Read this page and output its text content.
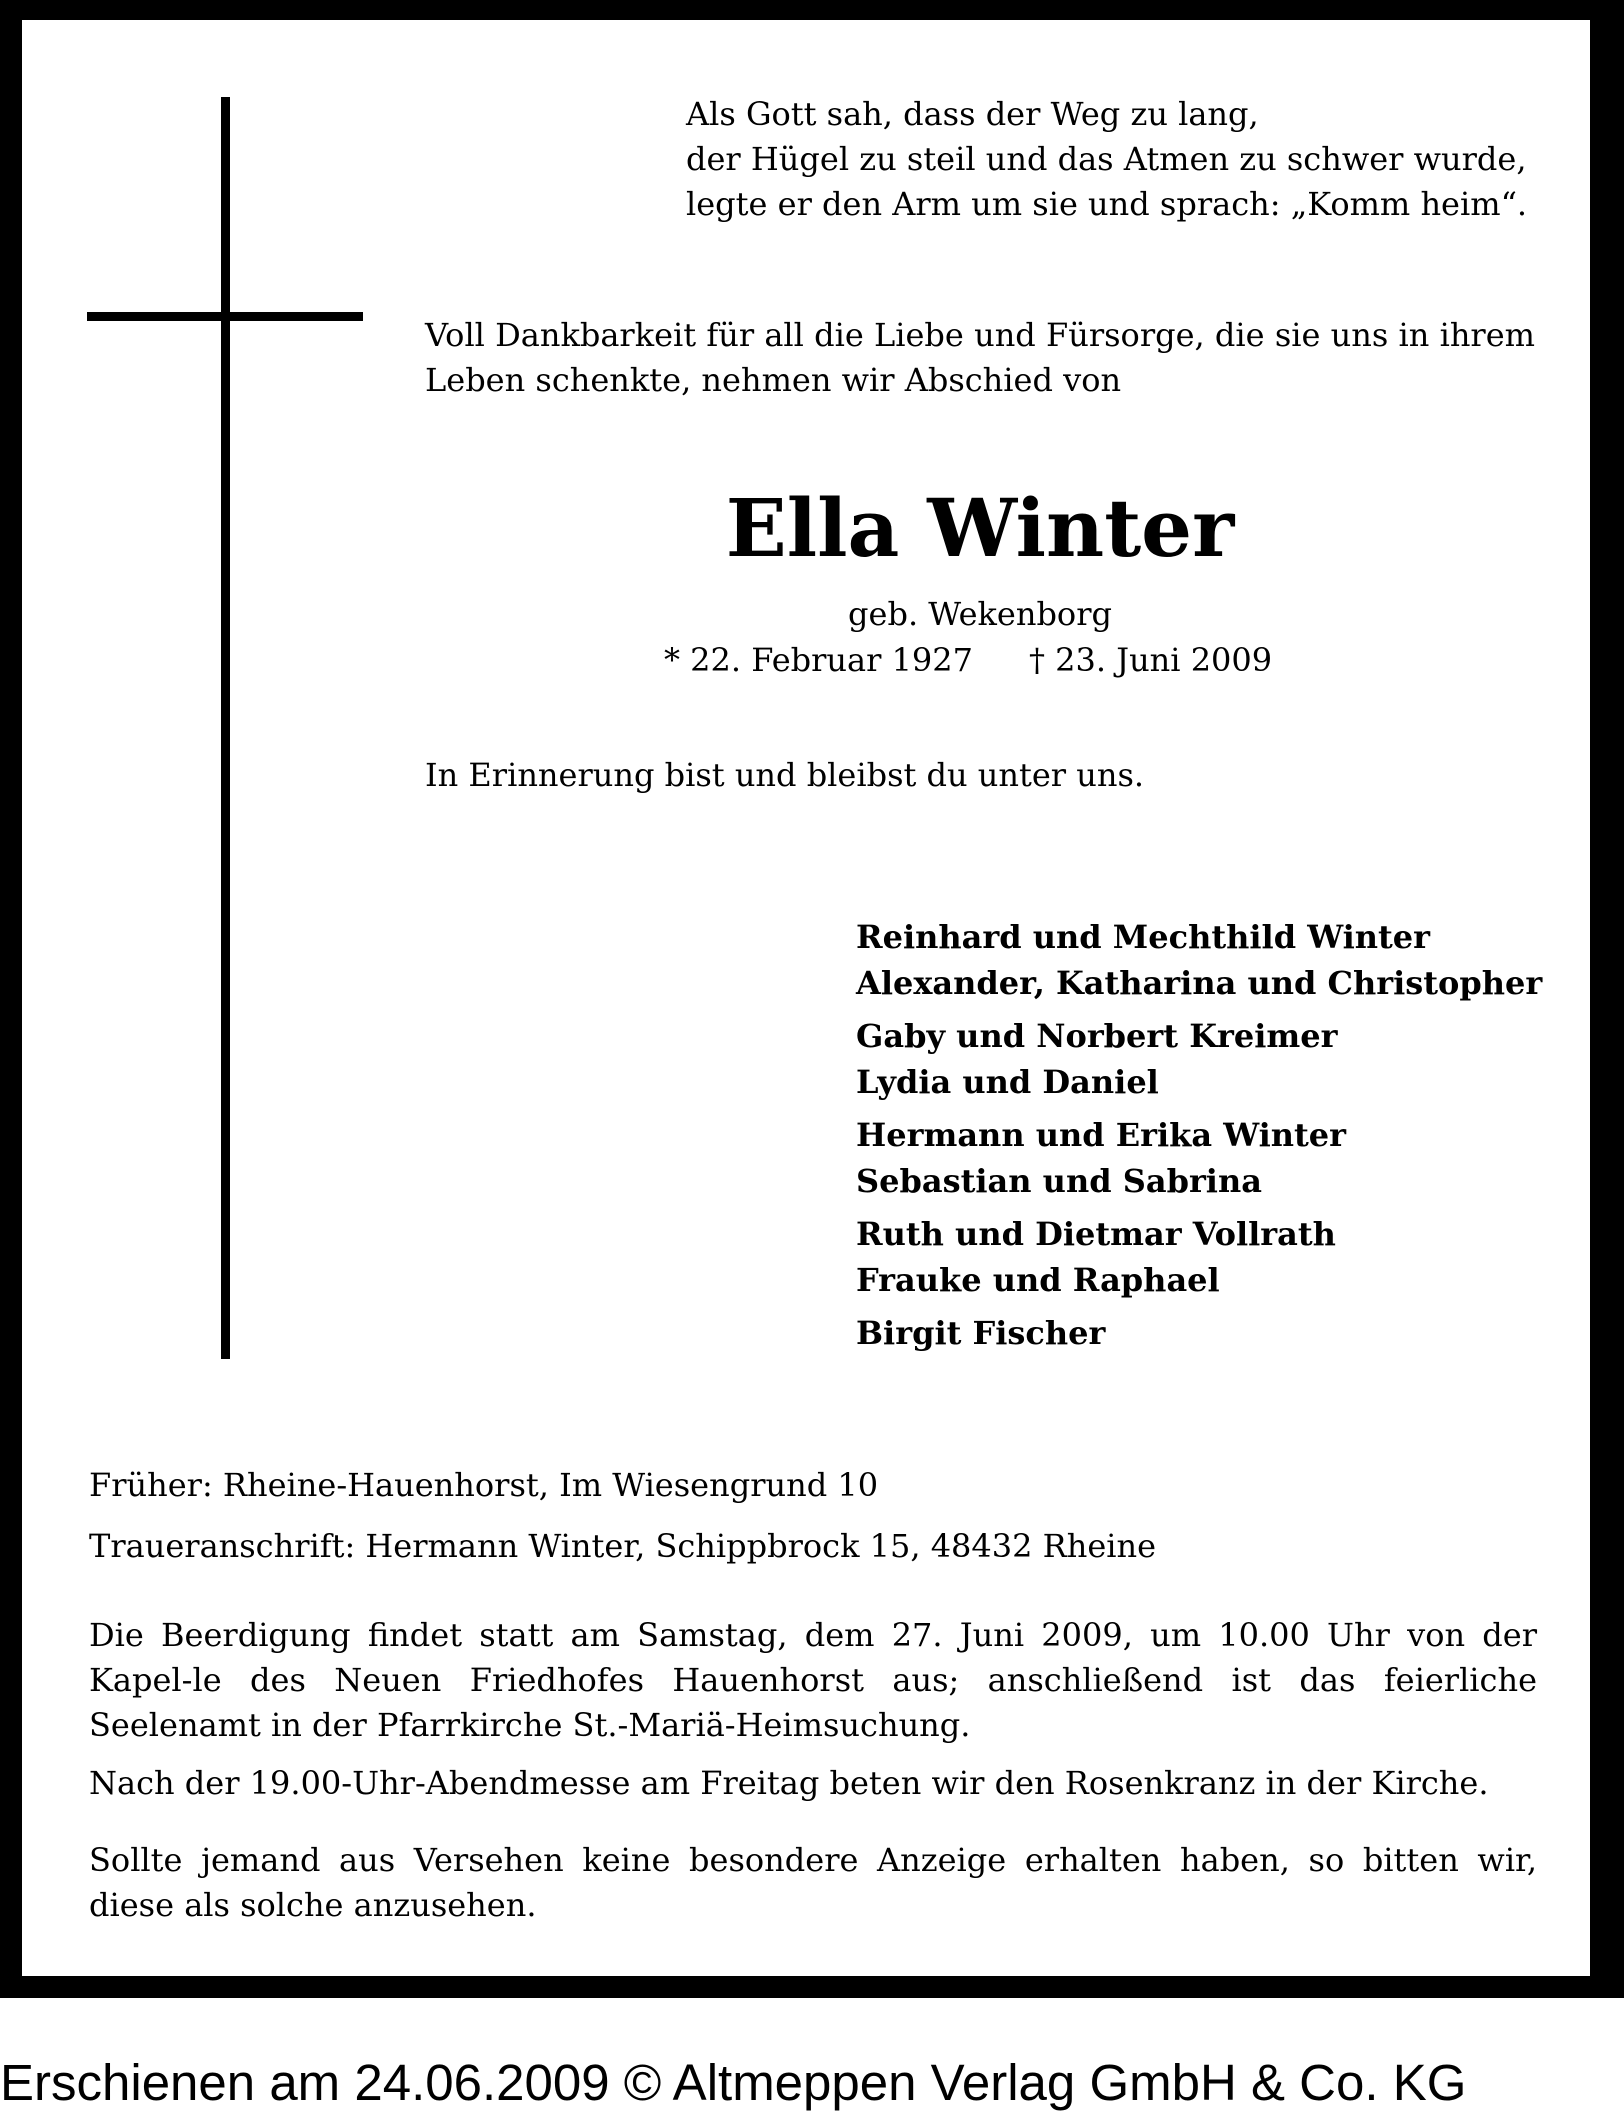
Als Gott sah, dass der Weg zu lang,
der Hügel zu steil und das Atmen zu schwer wurde,
legte er den Arm um sie und sprach: „Komm heim“.
Voll Dankbarkeit für all die Liebe und Fürsorge, die sie uns in ihrem Leben schenkte, nehmen wir Abschied von
Ella Winter
geb. Wekenborg
* 22. Februar 1927 † 23. Juni 2009
In Erinnerung bist und bleibst du unter uns.
Reinhard und Mechthild Winter
Alexander, Katharina und Christopher
Gaby und Norbert Kreimer
Lydia und Daniel
Hermann und Erika Winter
Sebastian und Sabrina
Ruth und Dietmar Vollrath
Frauke und Raphael
Birgit Fischer
Früher: Rheine-Hauenhorst, Im Wiesengrund 10
Traueranschrift: Hermann Winter, Schippbrock 15, 48432 Rheine
Die Beerdigung findet statt am Samstag, dem 27. Juni 2009, um 10.00 Uhr von der Kapel-le des Neuen Friedhofes Hauenhorst aus; anschließend ist das feierliche Seelenamt in der Pfarrkirche St.-Mariä-Heimsuchung.
Nach der 19.00-Uhr-Abendmesse am Freitag beten wir den Rosenkranz in der Kirche.
Sollte jemand aus Versehen keine besondere Anzeige erhalten haben, so bitten wir, diese als solche anzusehen.
Erschienen am 24.06.2009 © Altmeppen Verlag GmbH & Co. KG
